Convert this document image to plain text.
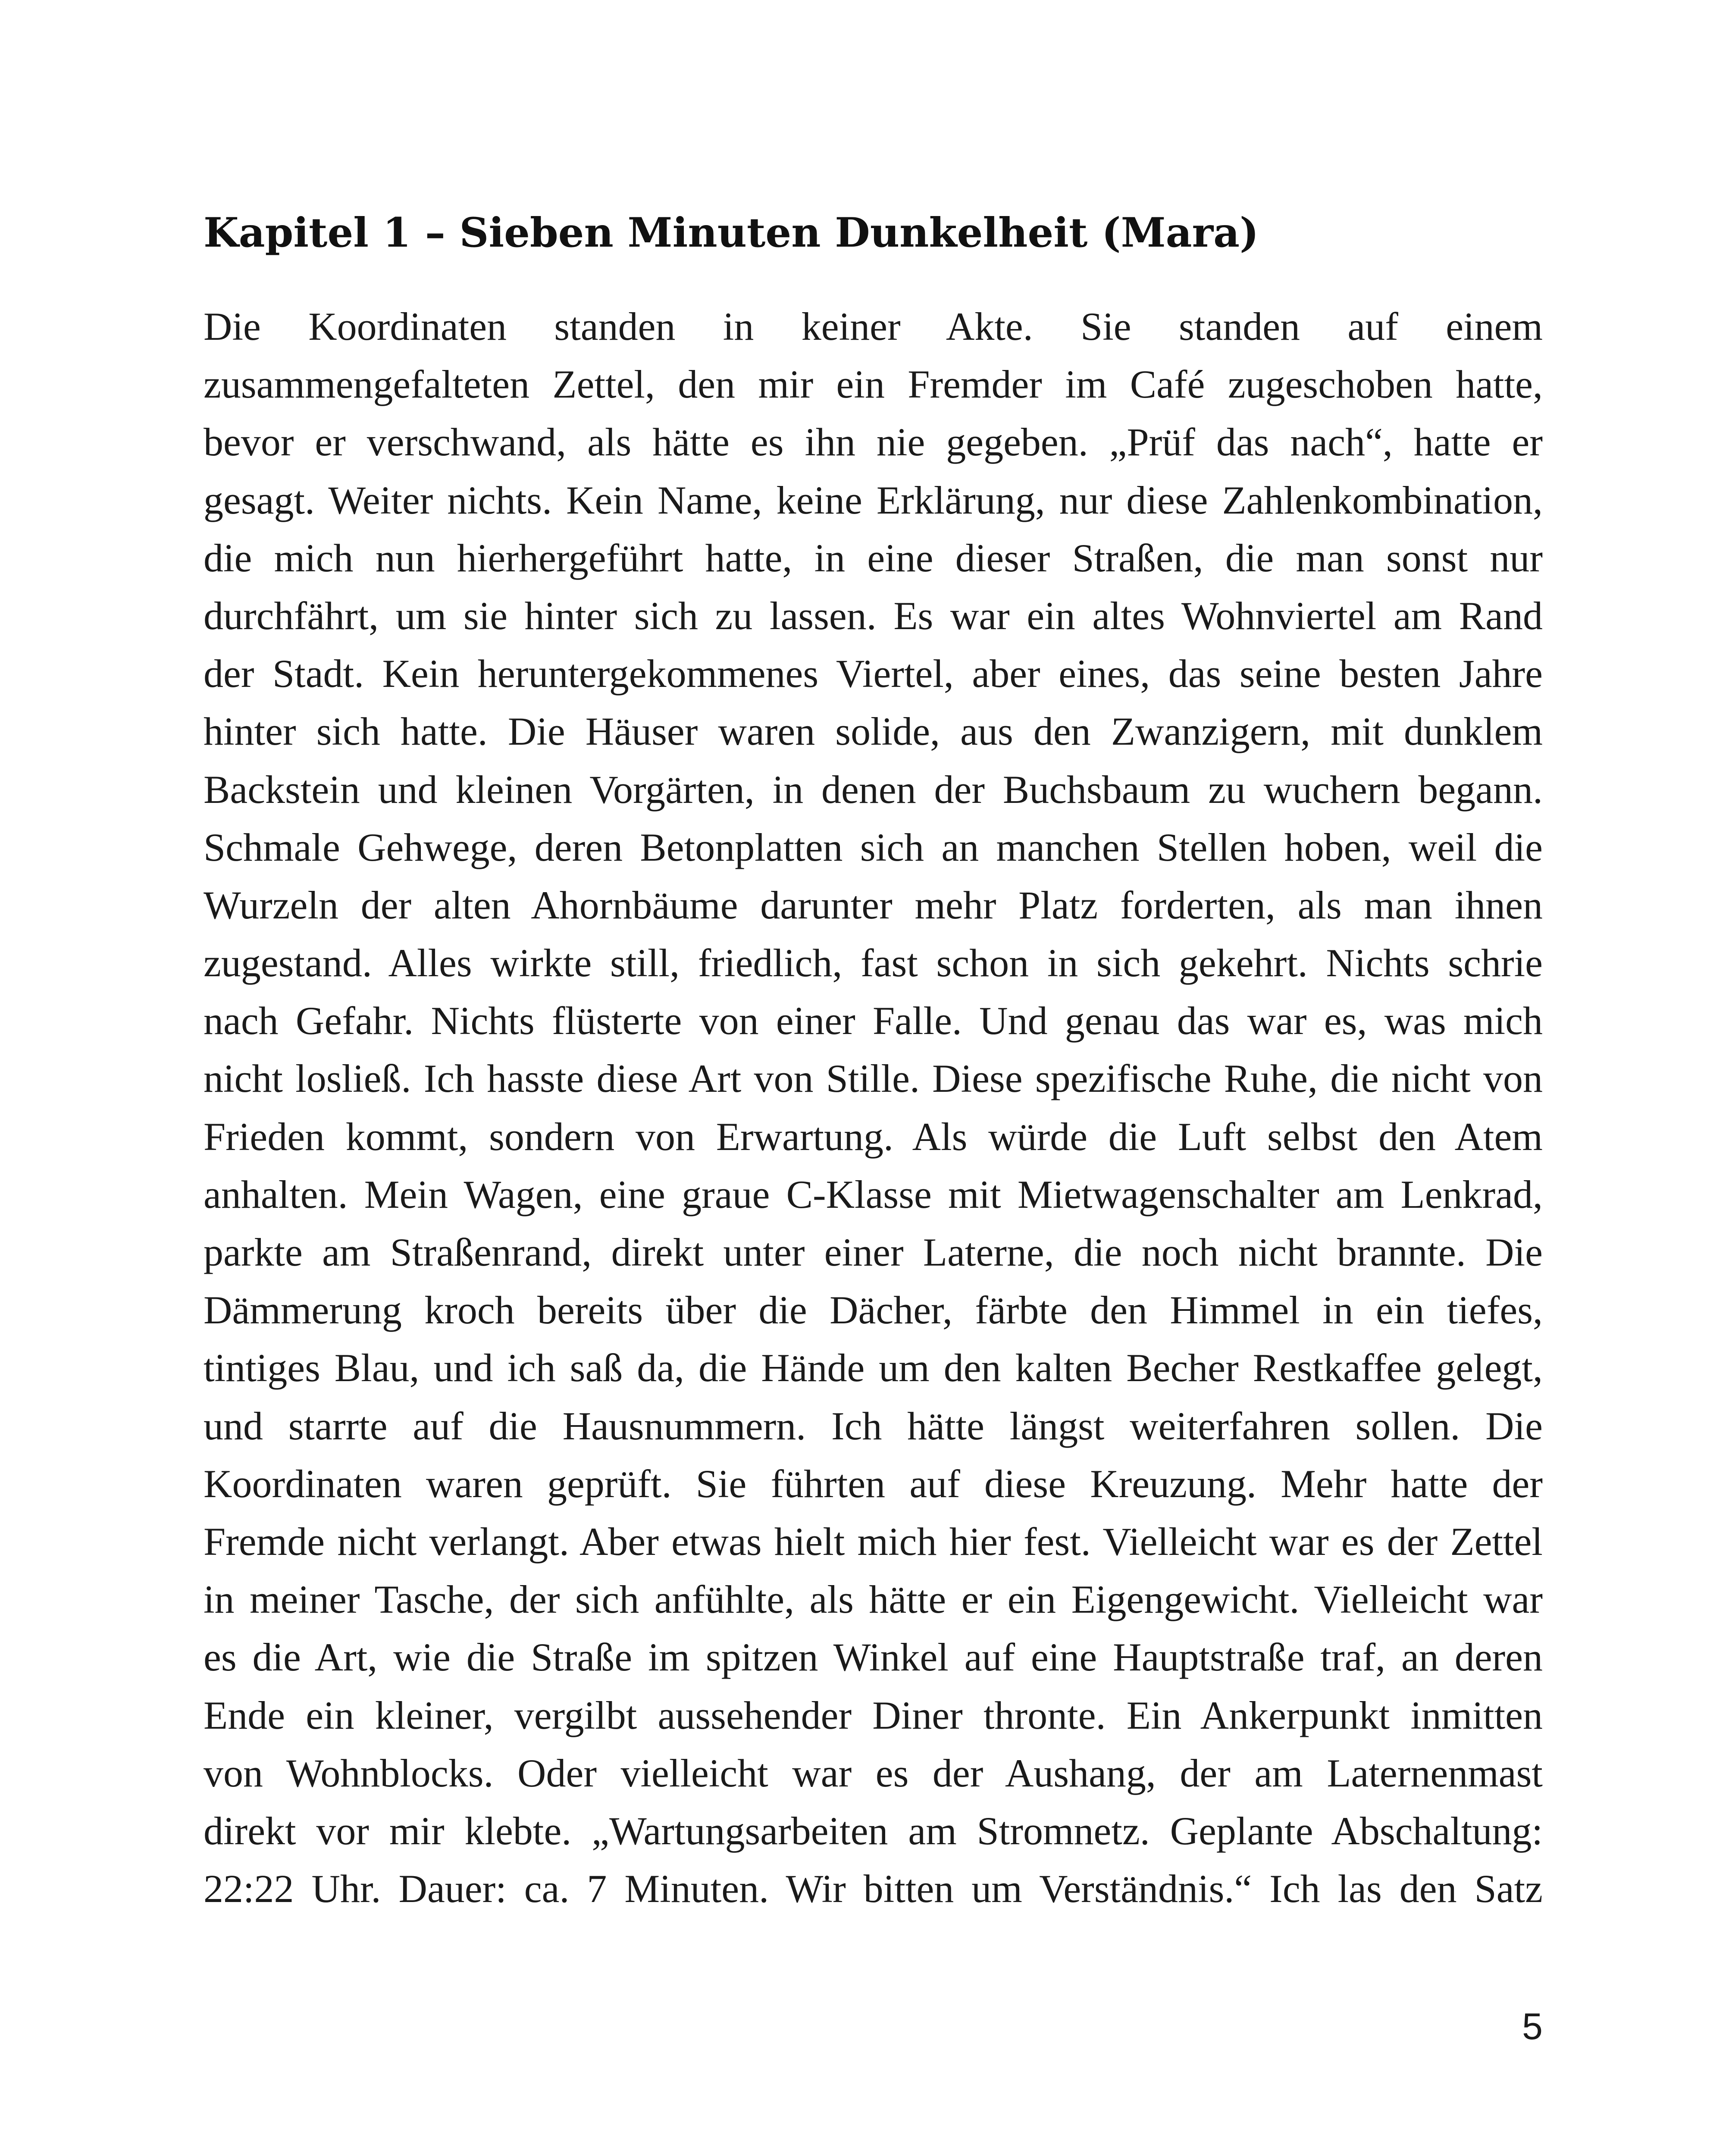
Kapitel 1 – Sieben Minuten Dunkelheit (Mara)
Die Koordinaten standen in keiner Akte. Sie standen auf einem
zusammengefalteten Zettel, den mir ein Fremder im Café zugeschoben hatte,
bevor er verschwand, als hätte es ihn nie gegeben. „Prüf das nach“, hatte er
gesagt. Weiter nichts. Kein Name, keine Erklärung, nur diese Zahlenkombination,
die mich nun hierhergeführt hatte, in eine dieser Straßen, die man sonst nur
durchfährt, um sie hinter sich zu lassen. Es war ein altes Wohnviertel am Rand
der Stadt. Kein heruntergekommenes Viertel, aber eines, das seine besten Jahre
hinter sich hatte. Die Häuser waren solide, aus den Zwanzigern, mit dunklem
Backstein und kleinen Vorgärten, in denen der Buchsbaum zu wuchern begann.
Schmale Gehwege, deren Betonplatten sich an manchen Stellen hoben, weil die
Wurzeln der alten Ahornbäume darunter mehr Platz forderten, als man ihnen
zugestand. Alles wirkte still, friedlich, fast schon in sich gekehrt. Nichts schrie
nach Gefahr. Nichts flüsterte von einer Falle. Und genau das war es, was mich
nicht losließ. Ich hasste diese Art von Stille. Diese spezifische Ruhe, die nicht von
Frieden kommt, sondern von Erwartung. Als würde die Luft selbst den Atem
anhalten. Mein Wagen, eine graue C-Klasse mit Mietwagenschalter am Lenkrad,
parkte am Straßenrand, direkt unter einer Laterne, die noch nicht brannte. Die
Dämmerung kroch bereits über die Dächer, färbte den Himmel in ein tiefes,
tintiges Blau, und ich saß da, die Hände um den kalten Becher Restkaffee gelegt,
und starrte auf die Hausnummern. Ich hätte längst weiterfahren sollen. Die
Koordinaten waren geprüft. Sie führten auf diese Kreuzung. Mehr hatte der
Fremde nicht verlangt. Aber etwas hielt mich hier fest. Vielleicht war es der Zettel
in meiner Tasche, der sich anfühlte, als hätte er ein Eigengewicht. Vielleicht war
es die Art, wie die Straße im spitzen Winkel auf eine Hauptstraße traf, an deren
Ende ein kleiner, vergilbt aussehender Diner thronte. Ein Ankerpunkt inmitten
von Wohnblocks. Oder vielleicht war es der Aushang, der am Laternenmast
direkt vor mir klebte. „Wartungsarbeiten am Stromnetz. Geplante Abschaltung:
22:22 Uhr. Dauer: ca. 7 Minuten. Wir bitten um Verständnis.“ Ich las den Satz
5
